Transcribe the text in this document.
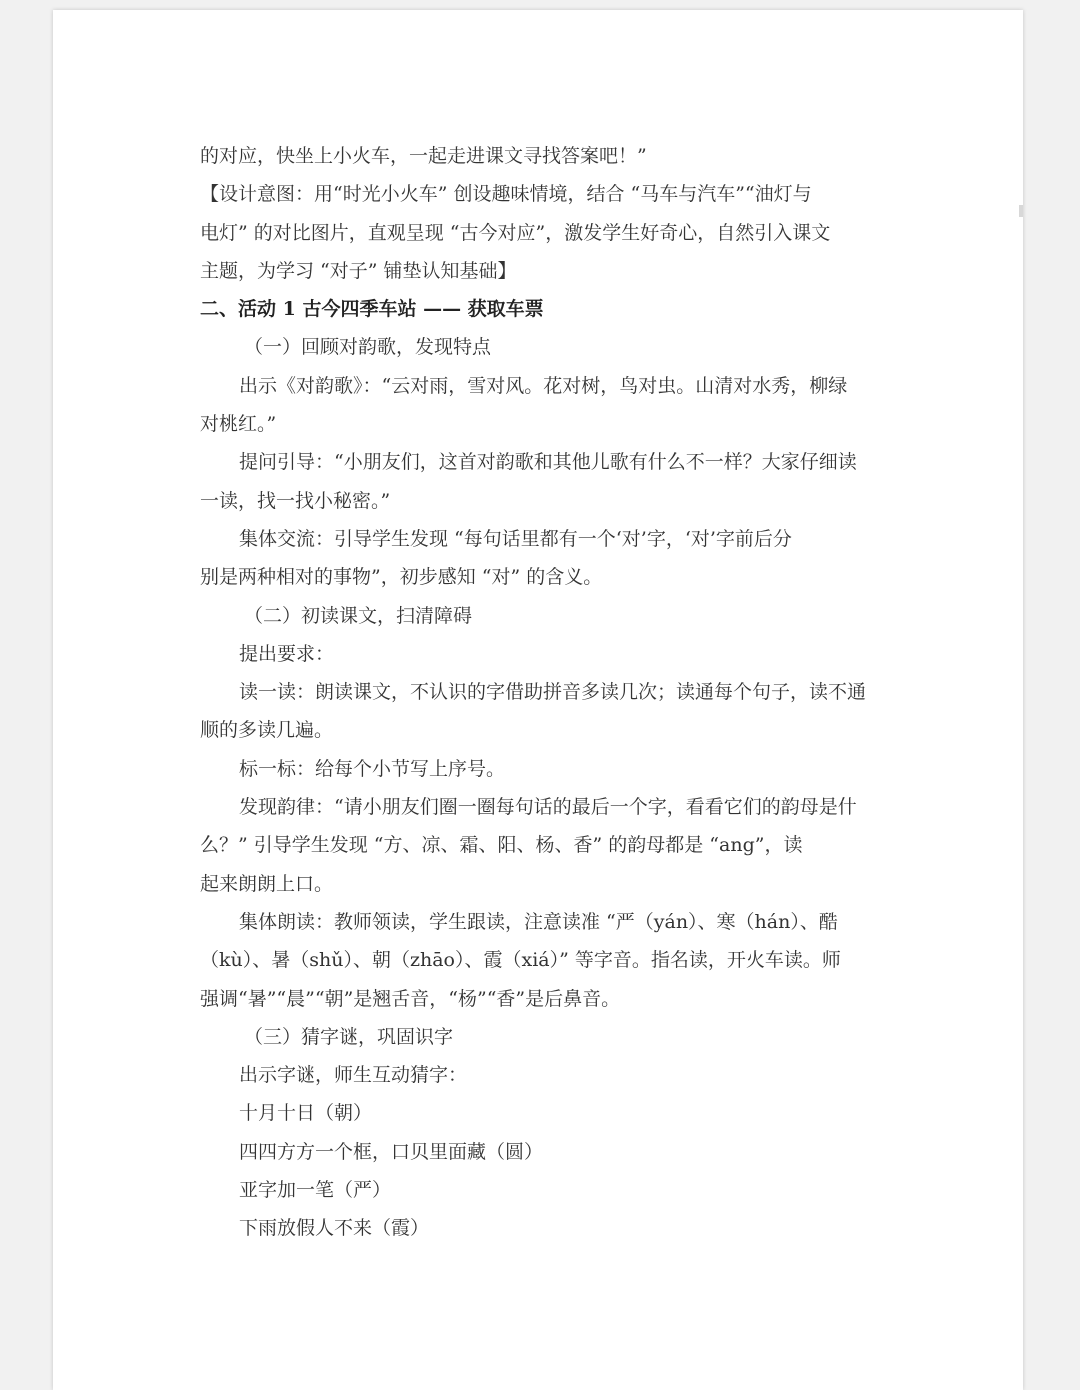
的对应，快坐上小火车，一起走进课文寻找答案吧！”
【设计意图：用“时光小火车” 创设趣味情境，结合 “马车与汽车”“油灯与
电灯” 的对比图片，直观呈现 “古今对应”，激发学生好奇心，自然引入课文
主题，为学习 “对子” 铺垫认知基础】
二、活动 1 古今四季车站 —— 获取车票
（一）回顾对韵歌，发现特点
出示《对韵歌》：“云对雨，雪对风。花对树，鸟对虫。山清对水秀，柳绿
对桃红。”
提问引导：“小朋友们，这首对韵歌和其他儿歌有什么不一样？大家仔细读
一读，找一找小秘密。”
集体交流：引导学生发现 “每句话里都有一个‘对’字，‘对’字前后分
别是两种相对的事物”，初步感知 “对” 的含义。
（二）初读课文，扫清障碍
提出要求：
读一读：朗读课文，不认识的字借助拼音多读几次；读通每个句子，读不通
顺的多读几遍。
标一标：给每个小节写上序号。
发现韵律：“请小朋友们圈一圈每句话的最后一个字，看看它们的韵母是什
么？” 引导学生发现 “方、凉、霜、阳、杨、香” 的韵母都是 “ang”，读
起来朗朗上口。
集体朗读：教师领读，学生跟读，注意读准 “严（yán）、寒（hán）、酷
（kù）、暑（shǔ）、朝（zhāo）、霞（xiá）” 等字音。指名读，开火车读。师
强调“暑”“晨”“朝”是翘舌音，“杨”“香”是后鼻音。
（三）猜字谜，巩固识字
出示字谜，师生互动猜字：
十月十日（朝）
四四方方一个框，口贝里面藏（圆）
亚字加一笔（严）
下雨放假人不来（霞）
